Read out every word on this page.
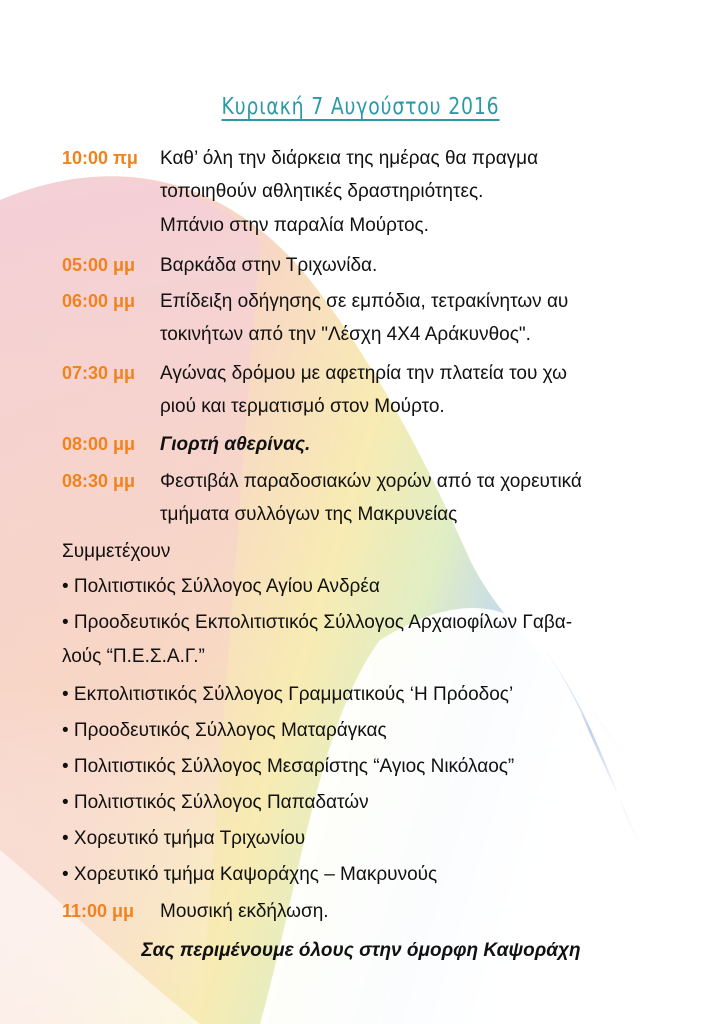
Κυριακή 7 Αυγούστου 2016
10:00 πμ Καθ’ όλη την διάρκεια της ημέρας θα πραγμα
τοποιηθούν αθλητικές δραστηριότητες.
Μπάνιο στην παραλία Μούρτος.
05:00 μμ Βαρκάδα στην Τριχωνίδα.
06:00 μμ Επίδειξη οδήγησης σε εμπόδια, τετρακίνητων αυ
τοκινήτων από την "Λέσχη 4Χ4 Αράκυνθος".
07:30 μμ Αγώνας δρόμου με αφετηρία την πλατεία του χω
ριού και τερματισμό στον Μούρτο.
08:00 μμ Γιορτή αθερίνας.
08:30 μμ Φεστιβάλ παραδοσιακών χορών από τα χορευτικά
τμήματα συλλόγων της Μακρυνείας
Συμμετέχουν
• Πολιτιστικός Σύλλογος Αγίου Ανδρέα
• Προοδευτικός Εκπολιτιστικός Σύλλογος Αρχαιοφίλων Γαβα-
λούς “Π.Ε.Σ.Α.Γ.”
• Εκπολιτιστικός Σύλλογος Γραμματικούς ‘Η Πρόοδος’
• Προοδευτικός Σύλλογος Ματαράγκας
• Πολιτιστικός Σύλλογος Μεσαρίστης “Αγιος Νικόλαος”
• Πολιτιστικός Σύλλογος Παπαδατών
• Χορευτικό τμήμα Τριχωνίου
• Χορευτικό τμήμα Καψοράχης – Μακρυνούς
11:00 μμ Μουσική εκδήλωση.
Σας περιμένουμε όλους στην όμορφη Καψοράχη
